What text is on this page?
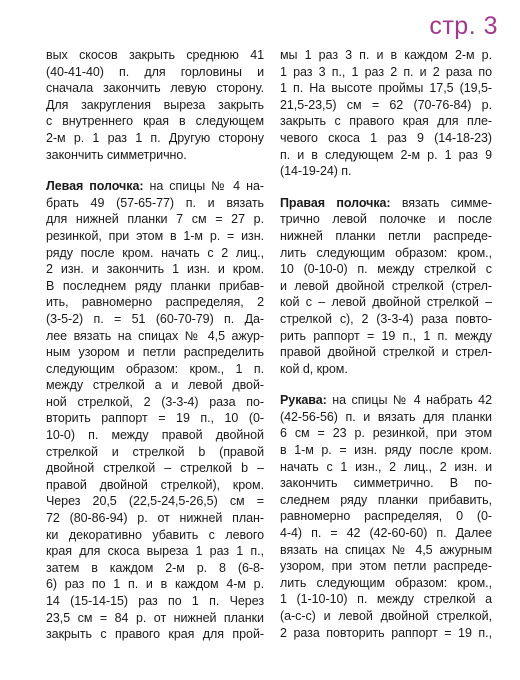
стр. 3
вых скосов закрыть среднюю 41
(40-41-40) п. для горловины и
сначала закончить левую сторону.
Для закругления выреза закрыть
с внутреннего края в следующем
2-м р. 1 раз 1 п. Другую сторону
закончить симметрично.
Левая полочка: на спицы № 4 на-
брать 49 (57-65-77) п. и вязать
для нижней планки 7 см = 27 р.
резинкой, при этом в 1-м р. = изн.
ряду после кром. начать с 2 лиц.,
2 изн. и закончить 1 изн. и кром.
В последнем ряду планки прибав-
ить, равномерно распределяя, 2
(3-5-2) п. = 51 (60-70-79) п. Да-
лее вязать на спицах № 4,5 ажур-
ным узором и петли распределить
следующим образом: кром., 1 п.
между стрелкой а и левой двой-
ной стрелкой, 2 (3-3-4) раза по-
вторить раппорт = 19 п., 10 (0-
10-0) п. между правой двойной
стрелкой и стрелкой b (правой
двойной стрелкой – стрелкой b –
правой двойной стрелкой), кром.
Через 20,5 (22,5-24,5-26,5) см =
72 (80-86-94) р. от нижней план-
ки декоративно убавить с левого
края для скоса выреза 1 раз 1 п.,
затем в каждом 2-м р. 8 (6-8-
6) раз по 1 п. и в каждом 4-м р.
14 (15-14-15) раз по 1 п. Через
23,5 см = 84 р. от нижней планки
закрыть с правого края для прой-
мы 1 раз 3 п. и в каждом 2-м р.
1 раз 3 п., 1 раз 2 п. и 2 раза по
1 п. На высоте проймы 17,5 (19,5-
21,5-23,5) см = 62 (70-76-84) р.
закрыть с правого края для пле-
чевого скоса 1 раз 9 (14-18-23)
п. и в следующем 2-м р. 1 раз 9
(14-19-24) п.
Правая полочка: вязать симме-
трично левой полочке и после
нижней планки петли распреде-
лить следующим образом: кром.,
10 (0-10-0) п. между стрелкой с
и левой двойной стрелкой (стрел-
кой с – левой двойной стрелкой –
стрелкой с), 2 (3-3-4) раза повто-
рить раппорт = 19 п., 1 п. между
правой двойной стрелкой и стрел-
кой d, кром.
Рукава: на спицы № 4 набрать 42
(42-56-56) п. и вязать для планки
6 см = 23 р. резинкой, при этом
в 1-м р. = изн. ряду после кром.
начать с 1 изн., 2 лиц., 2 изн. и
закончить симметрично. В по-
следнем ряду планки прибавить,
равномерно распределяя, 0 (0-
4-4) п. = 42 (42-60-60) п. Далее
вязать на спицах № 4,5 ажурным
узором, при этом петли распреде-
лить следующим образом: кром.,
1 (1-10-10) п. между стрелкой а
(а-с-с) и левой двойной стрелкой,
2 раза повторить раппорт = 19 п.,
